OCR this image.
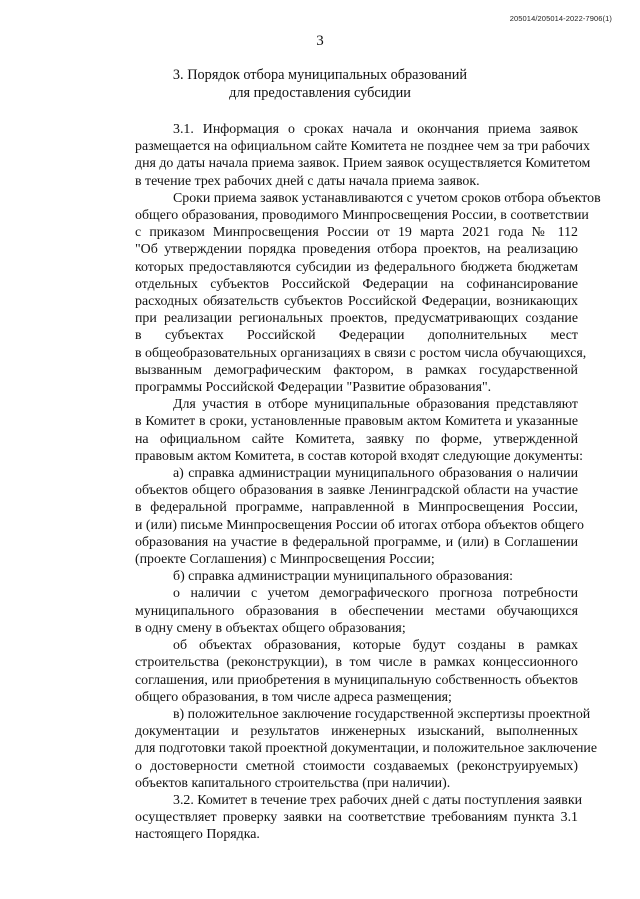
205014/205014-2022-7906(1)
3
3. Порядок отбора муниципальных образований
для предоставления субсидии
3.1. Информация о сроках начала и окончания приема заявок
размещается на официальном сайте Комитета не позднее чем за три рабочих
дня до даты начала приема заявок. Прием заявок осуществляется Комитетом
в течение трех рабочих дней с даты начала приема заявок.
Сроки приема заявок устанавливаются с учетом сроков отбора объектов
общего образования, проводимого Минпросвещения России, в соответствии
с приказом Минпросвещения России от 19 марта 2021 года № 112
"Об утверждении порядка проведения отбора проектов, на реализацию
которых предоставляются субсидии из федерального бюджета бюджетам
отдельных субъектов Российской Федерации на софинансирование
расходных обязательств субъектов Российской Федерации, возникающих
при реализации региональных проектов, предусматривающих создание
в субъектах Российской Федерации дополнительных мест
в общеобразовательных организациях в связи с ростом числа обучающихся,
вызванным демографическим фактором, в рамках государственной
программы Российской Федерации "Развитие образования".
Для участия в отборе муниципальные образования представляют
в Комитет в сроки, установленные правовым актом Комитета и указанные
на официальном сайте Комитета, заявку по форме, утвержденной
правовым актом Комитета, в состав которой входят следующие документы:
а) справка администрации муниципального образования о наличии
объектов общего образования в заявке Ленинградской области на участие
в федеральной программе, направленной в Минпросвещения России,
и (или) письме Минпросвещения России об итогах отбора объектов общего
образования на участие в федеральной программе, и (или) в Соглашении
(проекте Соглашения) с Минпросвещения России;
б) справка администрации муниципального образования:
о наличии с учетом демографического прогноза потребности
муниципального образования в обеспечении местами обучающихся
в одну смену в объектах общего образования;
об объектах образования, которые будут созданы в рамках
строительства (реконструкции), в том числе в рамках концессионного
соглашения, или приобретения в муниципальную собственность объектов
общего образования, в том числе адреса размещения;
в) положительное заключение государственной экспертизы проектной
документации и результатов инженерных изысканий, выполненных
для подготовки такой проектной документации, и положительное заключение
о достоверности сметной стоимости создаваемых (реконструируемых)
объектов капитального строительства (при наличии).
3.2. Комитет в течение трех рабочих дней с даты поступления заявки
осуществляет проверку заявки на соответствие требованиям пункта 3.1
настоящего Порядка.
